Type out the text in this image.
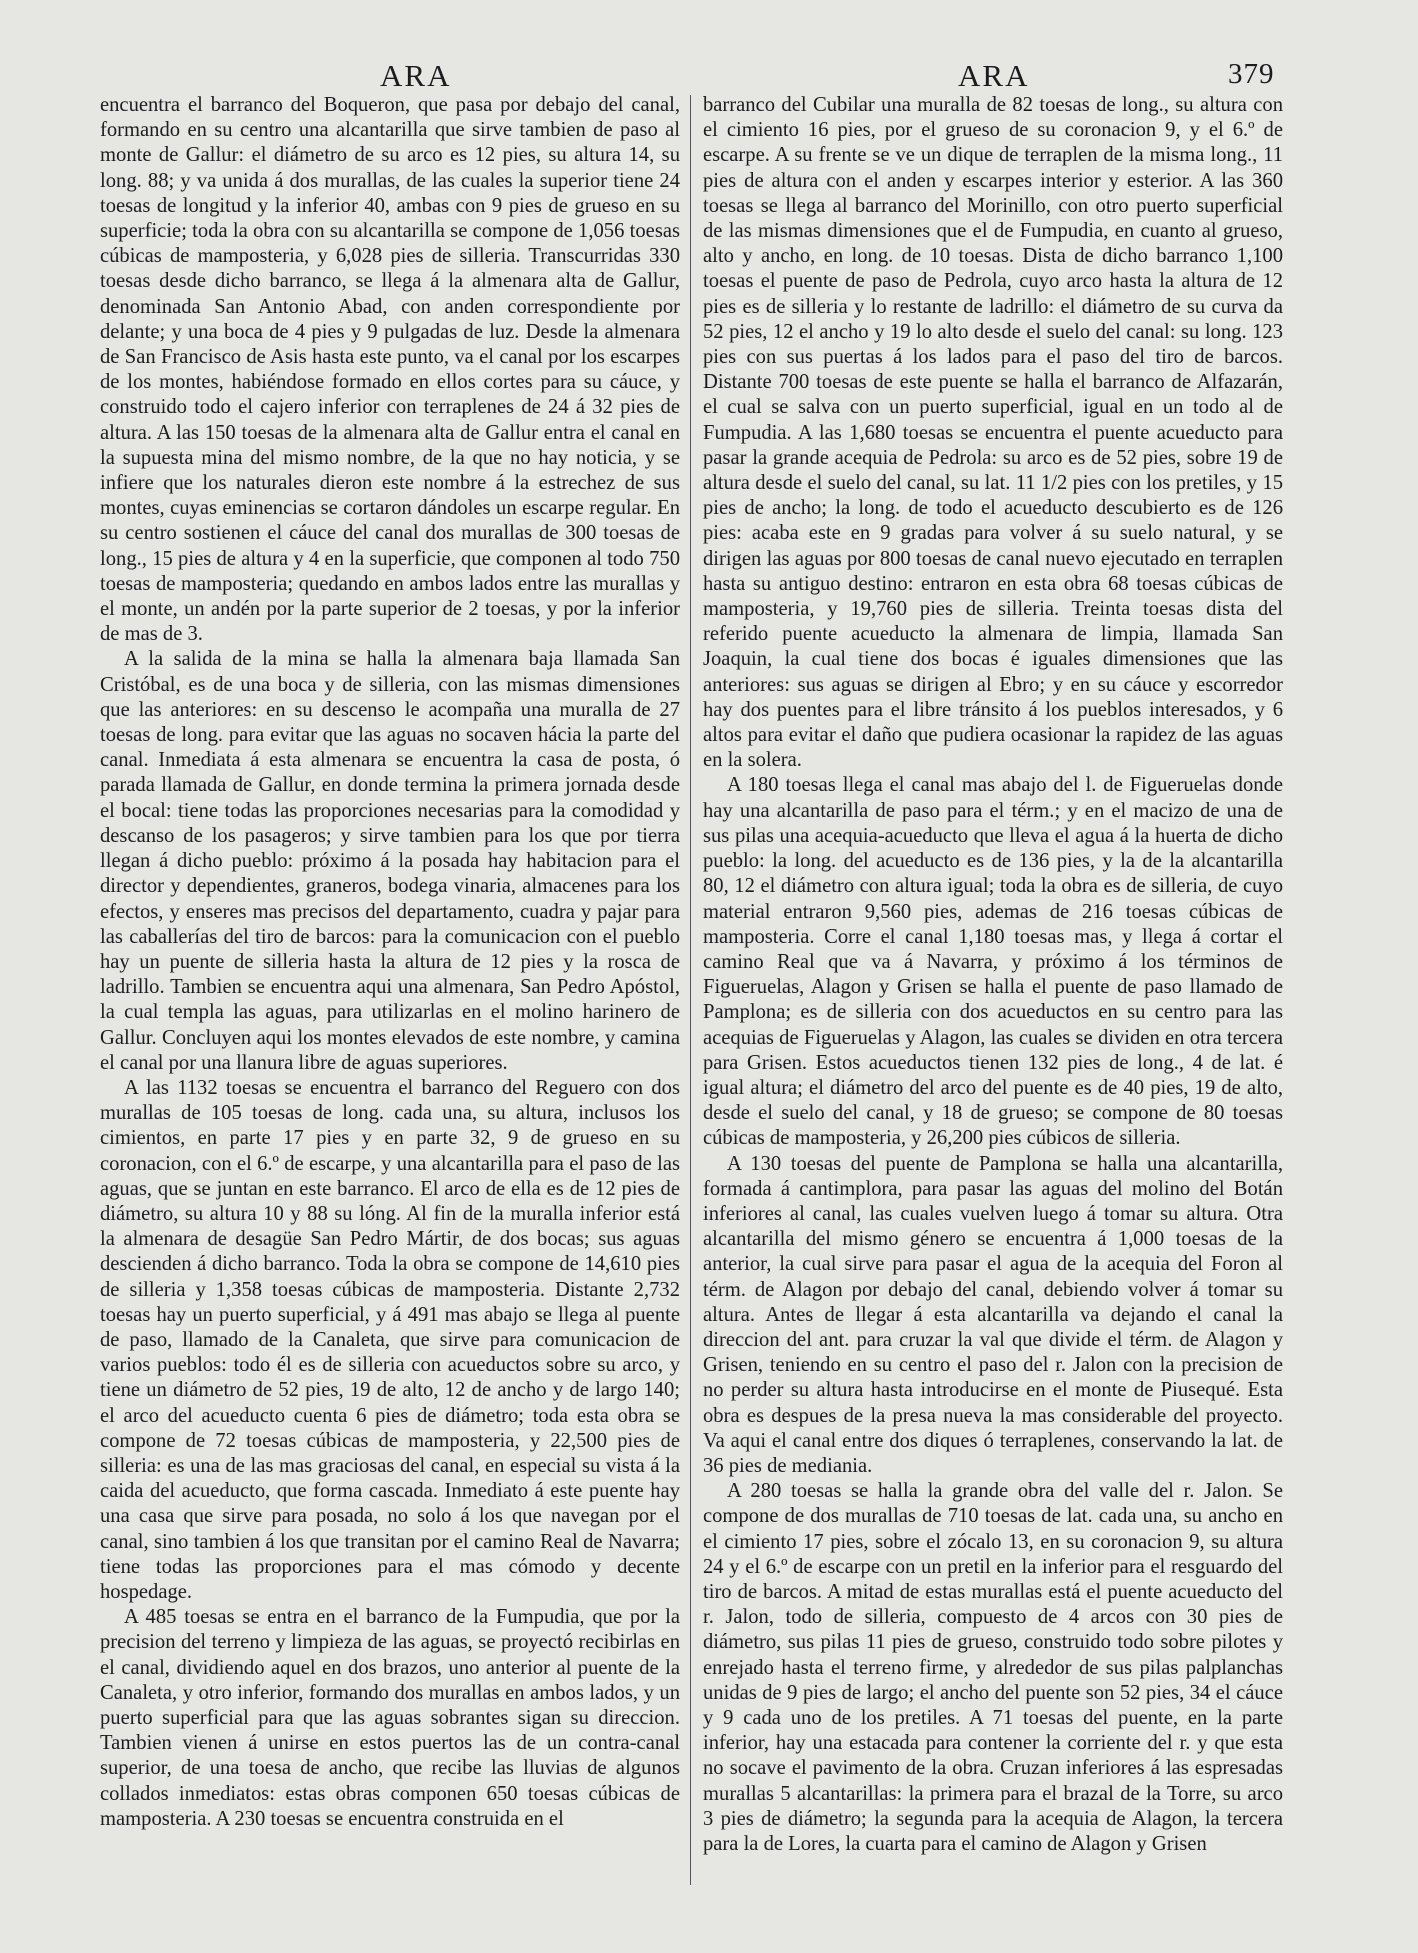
ARA	ARA	379

encuentra el barranco del Boqueron, que pasa por debajo del canal, formando en su centro una alcantarilla que sirve tambien de paso al monte de Gallur: el diámetro de su arco es 12 pies, su altura 14, su long. 88; y va unida á dos murallas, de las cuales la superior tiene 24 toesas de longitud y la inferior 40, ambas con 9 pies de grueso en su superficie; toda la obra con su alcantarilla se compone de 1,056 toesas cúbicas de mamposteria, y 6,028 pies de silleria. Transcurridas 330 toesas desde dicho barranco, se llega á la almenara alta de Gallur, denominada San Antonio Abad, con anden correspondiente por delante; y una boca de 4 pies y 9 pulgadas de luz. Desde la almenara de San Francisco de Asis hasta este punto, va el canal por los escarpes de los montes, habiéndose formado en ellos cortes para su cáuce, y construido todo el cajero inferior con terraplenes de 24 á 32 pies de altura. A las 150 toesas de la almenara alta de Gallur entra el canal en la supuesta mina del mismo nombre, de la que no hay noticia, y se infiere que los naturales dieron este nombre á la estrechez de sus montes, cuyas eminencias se cortaron dándoles un escarpe regular. En su centro sostienen el cáuce del canal dos murallas de 300 toesas de long., 15 pies de altura y 4 en la superficie, que componen al todo 750 toesas de mamposteria; quedando en ambos lados entre las murallas y el monte, un andén por la parte superior de 2 toesas, y por la inferior de mas de 3.

A la salida de la mina se halla la almenara baja llamada San Cristóbal, es de una boca y de silleria, con las mismas dimensiones que las anteriores: en su descenso le acompaña una muralla de 27 toesas de long. para evitar que las aguas no socaven hácia la parte del canal. Inmediata á esta almenara se encuentra la casa de posta, ó parada llamada de Gallur, en donde termina la primera jornada desde el bocal: tiene todas las proporciones necesarias para la comodidad y descanso de los pasageros; y sirve tambien para los que por tierra llegan á dicho pueblo: próximo á la posada hay habitacion para el director y dependientes, graneros, bodega vinaria, almacenes para los efectos, y enseres mas precisos del departamento, cuadra y pajar para las caballerías del tiro de barcos: para la comunicacion con el pueblo hay un puente de silleria hasta la altura de 12 pies y la rosca de ladrillo. Tambien se encuentra aqui una almenara, San Pedro Apóstol, la cual templa las aguas, para utilizarlas en el molino harinero de Gallur. Concluyen aqui los montes elevados de este nombre, y camina el canal por una llanura libre de aguas superiores.

A las 1132 toesas se encuentra el barranco del Reguero con dos murallas de 105 toesas de long. cada una, su altura, inclusos los cimientos, en parte 17 pies y en parte 32, 9 de grueso en su coronacion, con el 6.º de escarpe, y una alcantarilla para el paso de las aguas, que se juntan en este barranco. El arco de ella es de 12 pies de diámetro, su altura 10 y 88 su lóng. Al fin de la muralla inferior está la almenara de desagüe San Pedro Mártir, de dos bocas; sus aguas descienden á dicho barranco. Toda la obra se compone de 14,610 pies de silleria y 1,358 toesas cúbicas de mamposteria. Distante 2,732 toesas hay un puerto superficial, y á 491 mas abajo se llega al puente de paso, llamado de la Canaleta, que sirve para comunicacion de varios pueblos: todo él es de silleria con acueductos sobre su arco, y tiene un diámetro de 52 pies, 19 de alto, 12 de ancho y de largo 140; el arco del acueducto cuenta 6 pies de diámetro; toda esta obra se compone de 72 toesas cúbicas de mamposteria, y 22,500 pies de silleria: es una de las mas graciosas del canal, en especial su vista á la caida del acueducto, que forma cascada. Inmediato á este puente hay una casa que sirve para posada, no solo á los que navegan por el canal, sino tambien á los que transitan por el camino Real de Navarra; tiene todas las proporciones para el mas cómodo y decente hospedage.

A 485 toesas se entra en el barranco de la Fumpudia, que por la precision del terreno y limpieza de las aguas, se proyectó recibirlas en el canal, dividiendo aquel en dos brazos, uno anterior al puente de la Canaleta, y otro inferior, formando dos murallas en ambos lados, y un puerto superficial para que las aguas sobrantes sigan su direccion. Tambien vienen á unirse en estos puertos las de un contra-canal superior, de una toesa de ancho, que recibe las lluvias de algunos collados inmediatos: estas obras componen 650 toesas cúbicas de mamposteria. A 230 toesas se encuentra construida en el

barranco del Cubilar una muralla de 82 toesas de long., su altura con el cimiento 16 pies, por el grueso de su coronacion 9, y el 6.º de escarpe. A su frente se ve un dique de terraplen de la misma long., 11 pies de altura con el anden y escarpes interior y esterior. A las 360 toesas se llega al barranco del Morinillo, con otro puerto superficial de las mismas dimensiones que el de Fumpudia, en cuanto al grueso, alto y ancho, en long. de 10 toesas. Dista de dicho barranco 1,100 toesas el puente de paso de Pedrola, cuyo arco hasta la altura de 12 pies es de silleria y lo restante de ladrillo: el diámetro de su curva da 52 pies, 12 el ancho y 19 lo alto desde el suelo del canal: su long. 123 pies con sus puertas á los lados para el paso del tiro de barcos. Distante 700 toesas de este puente se halla el barranco de Alfazarán, el cual se salva con un puerto superficial, igual en un todo al de Fumpudia. A las 1,680 toesas se encuentra el puente acueducto para pasar la grande acequia de Pedrola: su arco es de 52 pies, sobre 19 de altura desde el suelo del canal, su lat. 11 1/2 pies con los pretiles, y 15 pies de ancho; la long. de todo el acueducto descubierto es de 126 pies: acaba este en 9 gradas para volver á su suelo natural, y se dirigen las aguas por 800 toesas de canal nuevo ejecutado en terraplen hasta su antiguo destino: entraron en esta obra 68 toesas cúbicas de mamposteria, y 19,760 pies de silleria. Treinta toesas dista del referido puente acueducto la almenara de limpia, llamada San Joaquin, la cual tiene dos bocas é iguales dimensiones que las anteriores: sus aguas se dirigen al Ebro; y en su cáuce y escorredor hay dos puentes para el libre tránsito á los pueblos interesados, y 6 altos para evitar el daño que pudiera ocasionar la rapidez de las aguas en la solera.

A 180 toesas llega el canal mas abajo del l. de Figueruelas donde hay una alcantarilla de paso para el térm.; y en el macizo de una de sus pilas una acequia-acueducto que lleva el agua á la huerta de dicho pueblo: la long. del acueducto es de 136 pies, y la de la alcantarilla 80, 12 el diámetro con altura igual; toda la obra es de silleria, de cuyo material entraron 9,560 pies, ademas de 216 toesas cúbicas de mamposteria. Corre el canal 1,180 toesas mas, y llega á cortar el camino Real que va á Navarra, y próximo á los términos de Figueruelas, Alagon y Grisen se halla el puente de paso llamado de Pamplona; es de silleria con dos acueductos en su centro para las acequias de Figueruelas y Alagon, las cuales se dividen en otra tercera para Grisen. Estos acueductos tienen 132 pies de long., 4 de lat. é igual altura; el diámetro del arco del puente es de 40 pies, 19 de alto, desde el suelo del canal, y 18 de grueso; se compone de 80 toesas cúbicas de mamposteria, y 26,200 pies cúbicos de silleria.

A 130 toesas del puente de Pamplona se halla una alcantarilla, formada á cantimplora, para pasar las aguas del molino del Botán inferiores al canal, las cuales vuelven luego á tomar su altura. Otra alcantarilla del mismo género se encuentra á 1,000 toesas de la anterior, la cual sirve para pasar el agua de la acequia del Foron al térm. de Alagon por debajo del canal, debiendo volver á tomar su altura. Antes de llegar á esta alcantarilla va dejando el canal la direccion del ant. para cruzar la val que divide el térm. de Alagon y Grisen, teniendo en su centro el paso del r. Jalon con la precision de no perder su altura hasta introducirse en el monte de Piusequé. Esta obra es despues de la presa nueva la mas considerable del proyecto. Va aqui el canal entre dos diques ó terraplenes, conservando la lat. de 36 pies de mediania.

A 280 toesas se halla la grande obra del valle del r. Jalon. Se compone de dos murallas de 710 toesas de lat. cada una, su ancho en el cimiento 17 pies, sobre el zócalo 13, en su coronacion 9, su altura 24 y el 6.º de escarpe con un pretil en la inferior para el resguardo del tiro de barcos. A mitad de estas murallas está el puente acueducto del r. Jalon, todo de silleria, compuesto de 4 arcos con 30 pies de diámetro, sus pilas 11 pies de grueso, construido todo sobre pilotes y enrejado hasta el terreno firme, y alrededor de sus pilas palplanchas unidas de 9 pies de largo; el ancho del puente son 52 pies, 34 el cáuce y 9 cada uno de los pretiles. A 71 toesas del puente, en la parte inferior, hay una estacada para contener la corriente del r. y que esta no socave el pavimento de la obra. Cruzan inferiores á las espresadas murallas 5 alcantarillas: la primera para el brazal de la Torre, su arco 3 pies de diámetro; la segunda para la acequia de Alagon, la tercera para la de Lores, la cuarta para el camino de Alagon y Grisen
